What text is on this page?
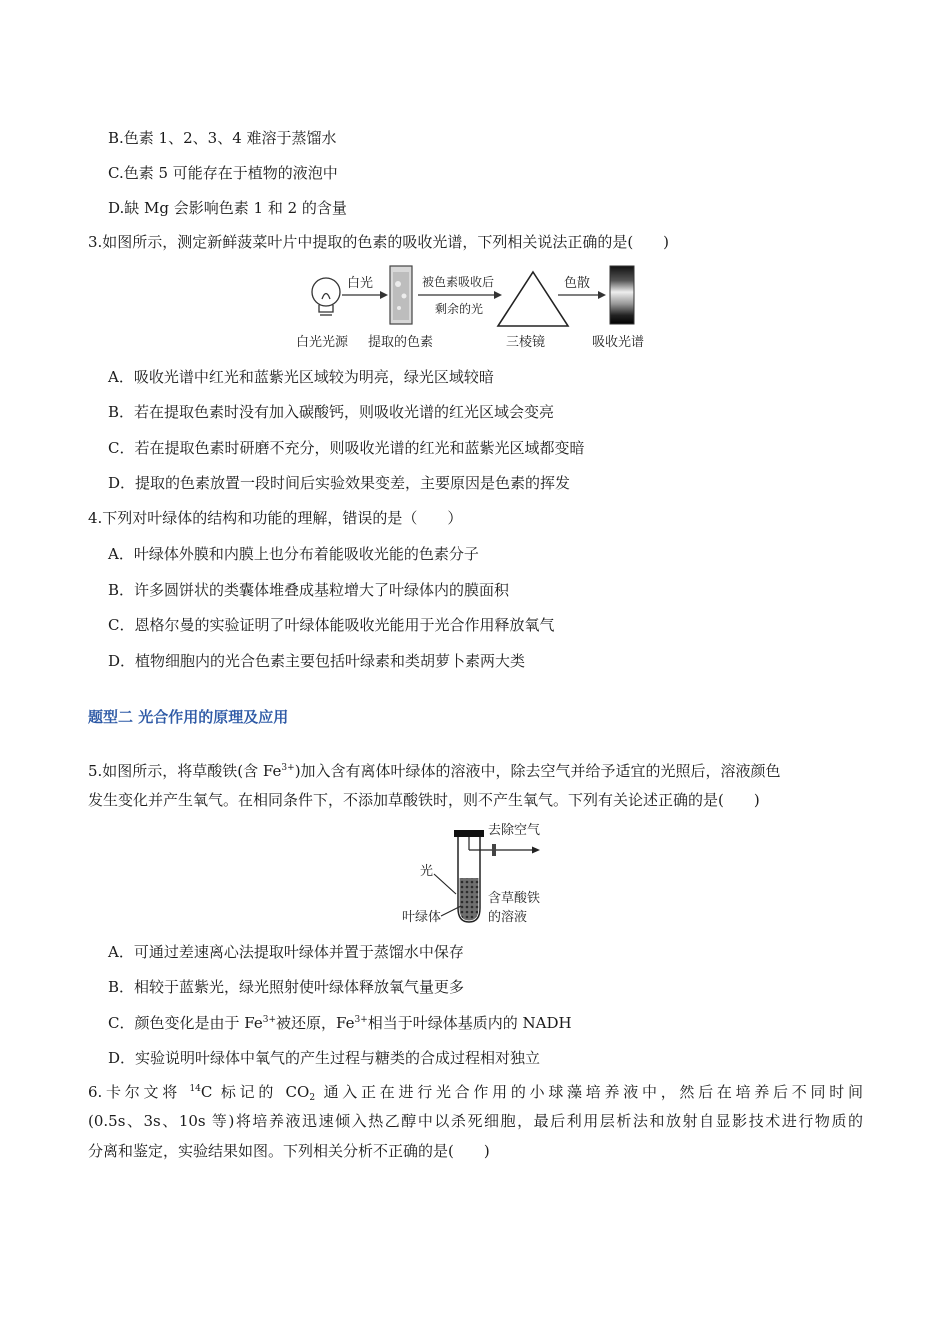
B.色素 1、2、3、4 难溶于蒸馏水
C.色素 5 可能存在于植物的液泡中
D.缺 Mg 会影响色素 1 和 2 的含量
3.如图所示，测定新鲜菠菜叶片中提取的色素的吸收光谱，下列相关说法正确的是(　　)
白光	被色素吸收后
剩余的光
色散
白光光源 提取的色素	三棱镜	吸收光谱
A．吸收光谱中红光和蓝紫光区域较为明亮，绿光区域较暗
B．若在提取色素时没有加入碳酸钙，则吸收光谱的红光区域会变亮
C．若在提取色素时研磨不充分，则吸收光谱的红光和蓝紫光区域都变暗
D．提取的色素放置一段时间后实验效果变差，主要原因是色素的挥发
4.下列对叶绿体的结构和功能的理解，错误的是（　　）
A．叶绿体外膜和内膜上也分布着能吸收光能的色素分子
B．许多圆饼状的类囊体堆叠成基粒增大了叶绿体内的膜面积
C．恩格尔曼的实验证明了叶绿体能吸收光能用于光合作用释放氧气
D．植物细胞内的光合色素主要包括叶绿素和类胡萝卜素两大类
题型二 光合作用的原理及应用
5.如图所示，将草酸铁(含 $Fe^{3+}$)加入含有离体叶绿体的溶液中，除去空气并给予适宜的光照后，溶液颜色
发生变化并产生氧气。在相同条件下，不添加草酸铁时，则不产生氧气。下列有关论述正确的是(　　)
去除空气
光
叶绿体
含草酸铁
的溶液
A．可通过差速离心法提取叶绿体并置于蒸馏水中保存
B．相较于蓝紫光，绿光照射使叶绿体释放氧气量更多
C．颜色变化是由于 $Fe^{3+}$被还原，$Fe^{3+}$相当于叶绿体基质内的 NADH
D．实验说明叶绿体中氧气的产生过程与糖类的合成过程相对独立
6.卡尔文将 $^{14}$C 标记的 $CO_2$ 通入正在进行光合作用的小球藻培养液中，然后在培养后不同时间
(0.5s、3s、10s 等)将培养液迅速倾入热乙醇中以杀死细胞，最后利用层析法和放射自显影技术进行物质的
分离和鉴定，实验结果如图。下列相关分析不正确的是(　　)
